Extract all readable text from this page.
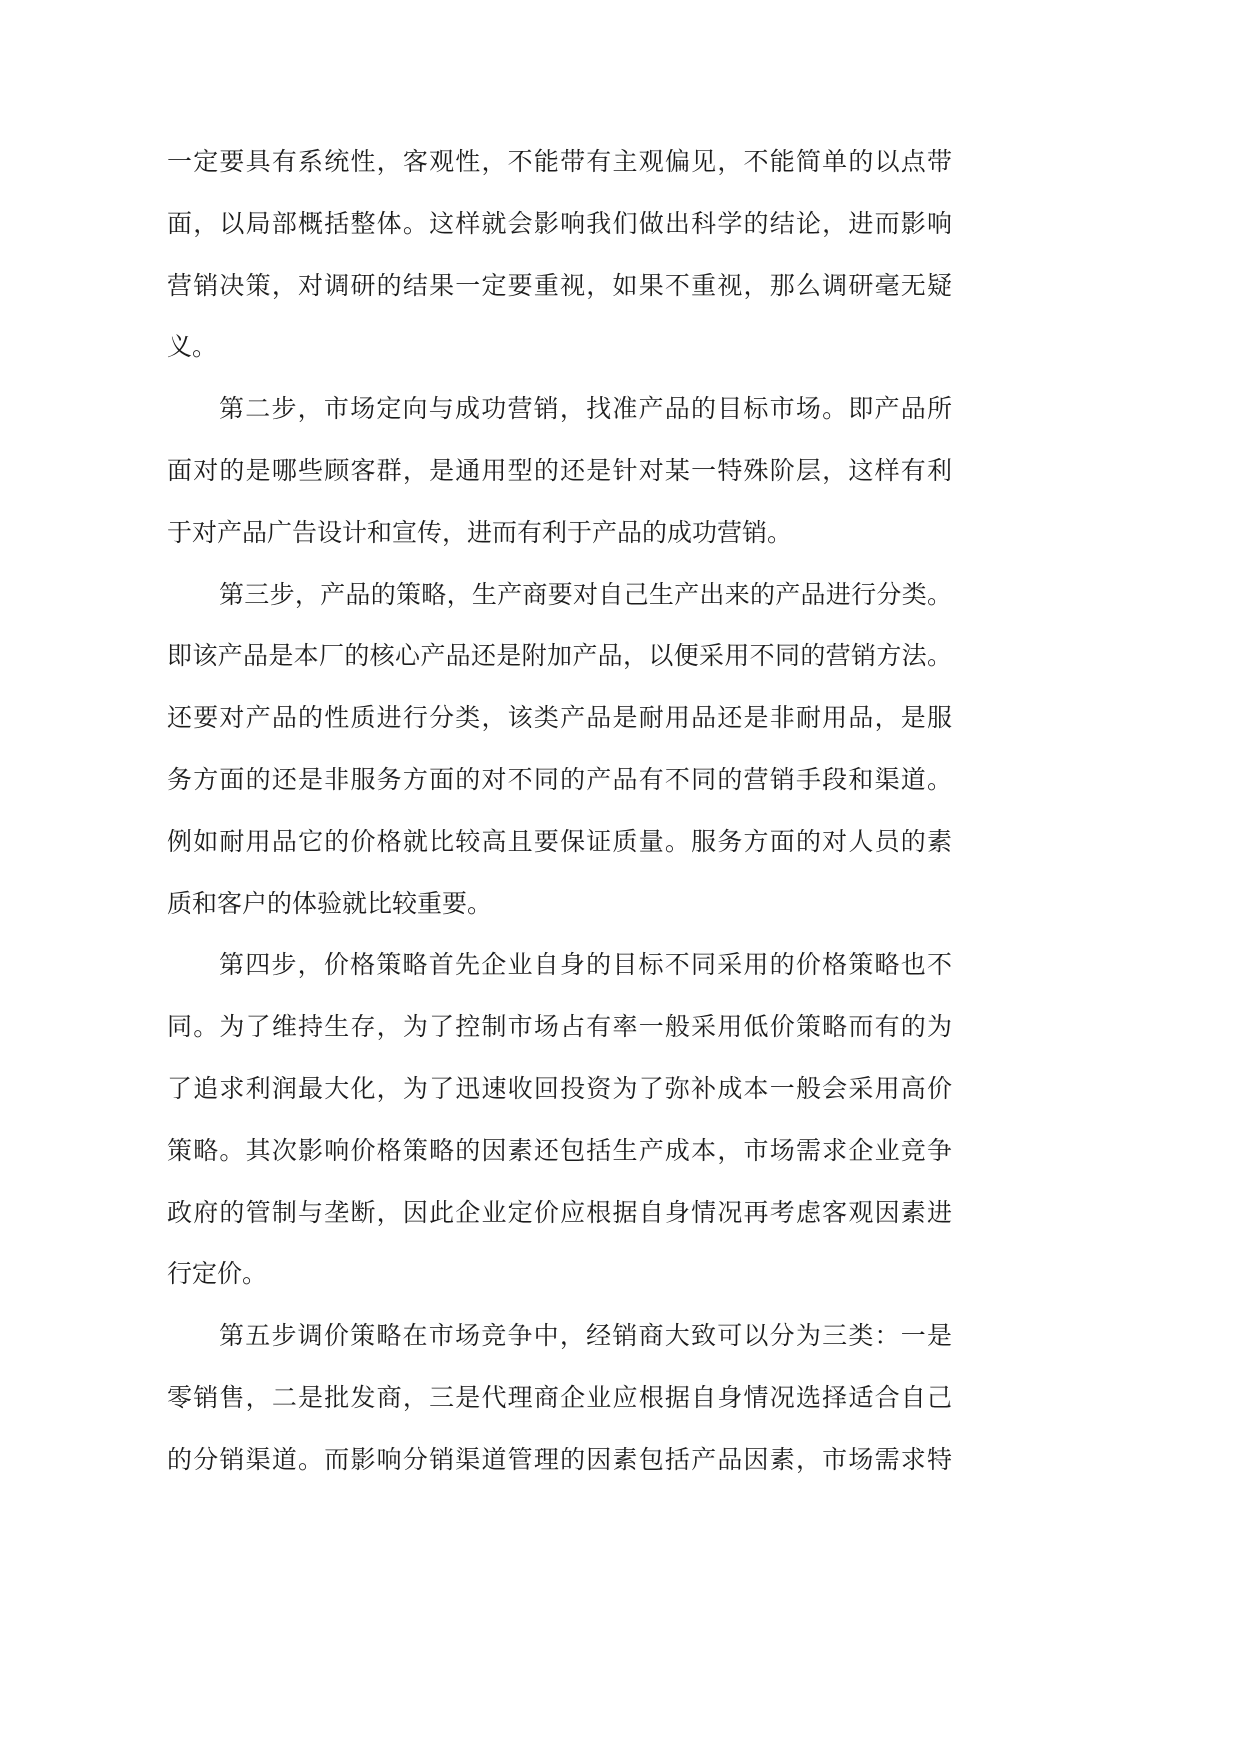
一定要具有系统性，客观性，不能带有主观偏见，不能简单的以点带
面，以局部概括整体。这样就会影响我们做出科学的结论，进而影响
营销决策，对调研的结果一定要重视，如果不重视，那么调研毫无疑
义。
第二步，市场定向与成功营销，找准产品的目标市场。即产品所
面对的是哪些顾客群，是通用型的还是针对某一特殊阶层，这样有利
于对产品广告设计和宣传，进而有利于产品的成功营销。
第三步，产品的策略，生产商要对自己生产出来的产品进行分类。
即该产品是本厂的核心产品还是附加产品，以便采用不同的营销方法。
还要对产品的性质进行分类，该类产品是耐用品还是非耐用品，是服
务方面的还是非服务方面的对不同的产品有不同的营销手段和渠道。
例如耐用品它的价格就比较高且要保证质量。服务方面的对人员的素
质和客户的体验就比较重要。
第四步，价格策略首先企业自身的目标不同采用的价格策略也不
同。为了维持生存，为了控制市场占有率一般采用低价策略而有的为
了追求利润最大化，为了迅速收回投资为了弥补成本一般会采用高价
策略。其次影响价格策略的因素还包括生产成本，市场需求企业竞争
政府的管制与垄断，因此企业定价应根据自身情况再考虑客观因素进
行定价。
第五步调价策略在市场竞争中，经销商大致可以分为三类：一是
零销售，二是批发商，三是代理商企业应根据自身情况选择适合自己
的分销渠道。而影响分销渠道管理的因素包括产品因素，市场需求特
